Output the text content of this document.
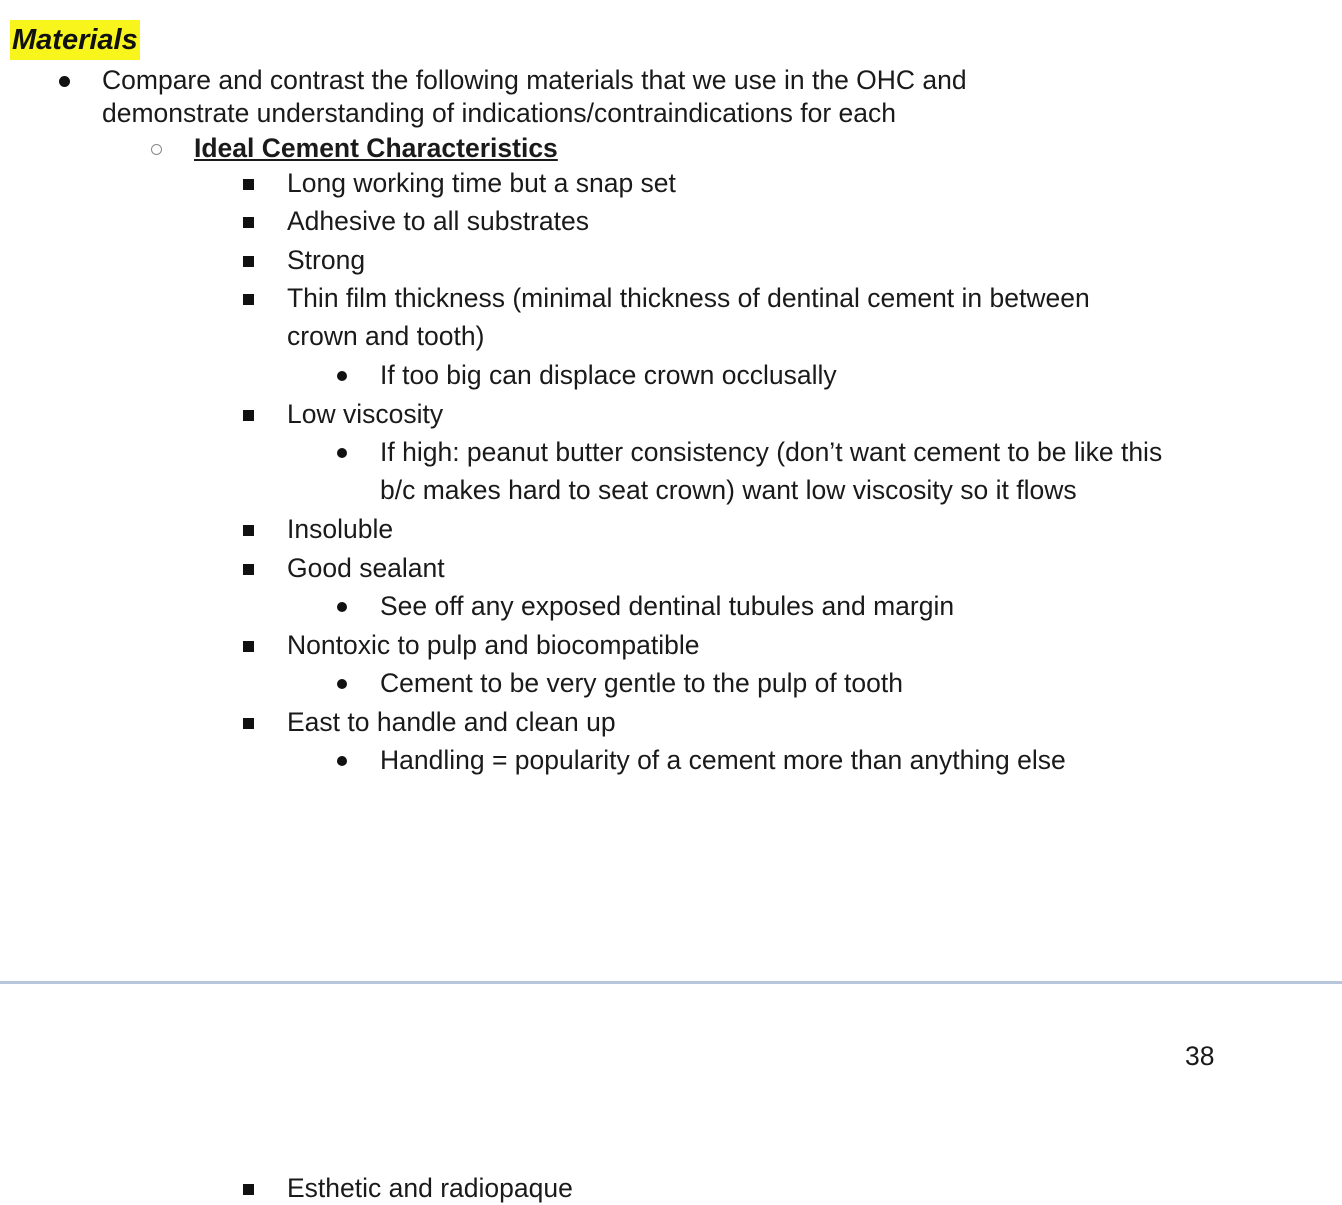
Materials
Compare and contrast the following materials that we use in the OHC and
demonstrate understanding of indications/contraindications for each
Ideal Cement Characteristics
Long working time but a snap set
Adhesive to all substrates
Strong
Thin film thickness (minimal thickness of dentinal cement in between
crown and tooth)
If too big can displace crown occlusally
Low viscosity
If high: peanut butter consistency (don’t want cement to be like this
b/c makes hard to seat crown) want low viscosity so it flows
Insoluble
Good sealant
See off any exposed dentinal tubules and margin
Nontoxic to pulp and biocompatible
Cement to be very gentle to the pulp of tooth
East to handle and clean up
Handling = popularity of a cement more than anything else
38
Esthetic and radiopaque
